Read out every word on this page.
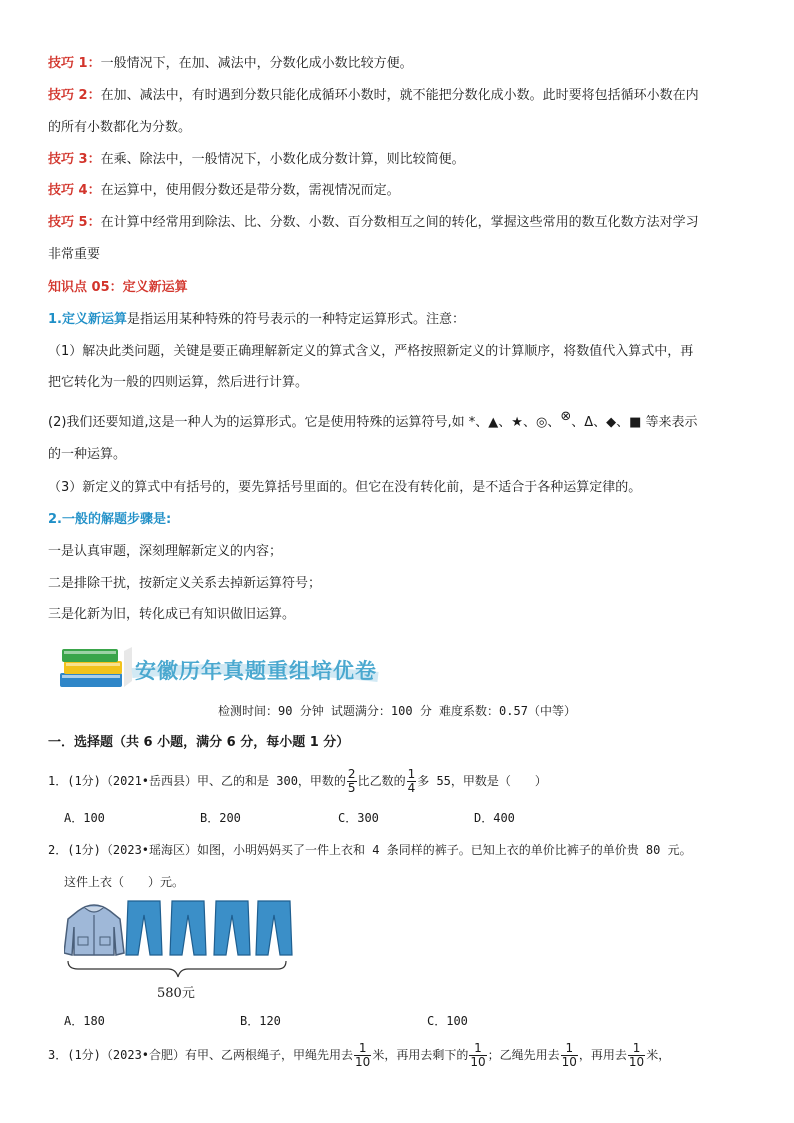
技巧 1：一般情况下，在加、减法中，分数化成小数比较方便。
技巧 2：在加、减法中，有时遇到分数只能化成循环小数时，就不能把分数化成小数。此时要将包括循环小数在内
的所有小数都化为分数。
技巧 3：在乘、除法中，一般情况下，小数化成分数计算，则比较简便。
技巧 4：在运算中，使用假分数还是带分数，需视情况而定。
技巧 5：在计算中经常用到除法、比、分数、小数、百分数相互之间的转化，掌握这些常用的数互化数方法对学习
非常重要
知识点 05：定义新运算
1.定义新运算是指运用某种特殊的符号表示的一种特定运算形式。注意：
（1）解决此类问题，关键是要正确理解新定义的算式含义，严格按照新定义的计算顺序，将数值代入算式中，再
把它转化为一般的四则运算，然后进行计算。
(2)我们还要知道,这是一种人为的运算形式。它是使用特殊的运算符号,如 *、▲、★、◎、⊗、Δ、◆、■ 等来表示
的一种运算。
（3）新定义的算式中有括号的，要先算括号里面的。但它在没有转化前，是不适合于各种运算定律的。
2.一般的解题步骤是:
一是认真审题，深刻理解新定义的内容；
二是排除干扰，按新定义关系去掉新运算符号；
三是化新为旧，转化成已有知识做旧运算。
安徽历年真题重组培优卷
检测时间：90 分钟 试题满分：100 分 难度系数：0.57（中等）
一．选择题（共 6 小题，满分 6 分，每小题 1 分）
1．(1分)（2021•岳西县）甲、乙的和是 300，甲数的 $\frac{2}{5}$ 比乙数的 $\frac{1}{4}$ 多 55，甲数是（　　）
A．100	B．200	C．300	D．400
2．(1分)（2023•瑶海区）如图，小明妈妈买了一件上衣和 4 条同样的裤子。已知上衣的单价比裤子的单价贵 80 元。
这件上衣（　　）元。
580元
A．180	B．120	C．100
3．(1分)（2023•合肥）有甲、乙两根绳子，甲绳先用去 $\frac{1}{10}$ 米，再用去剩下的 $\frac{1}{10}$ ；乙绳先用去 $\frac{1}{10}$ ，再用去 $\frac{1}{10}$ 米，
